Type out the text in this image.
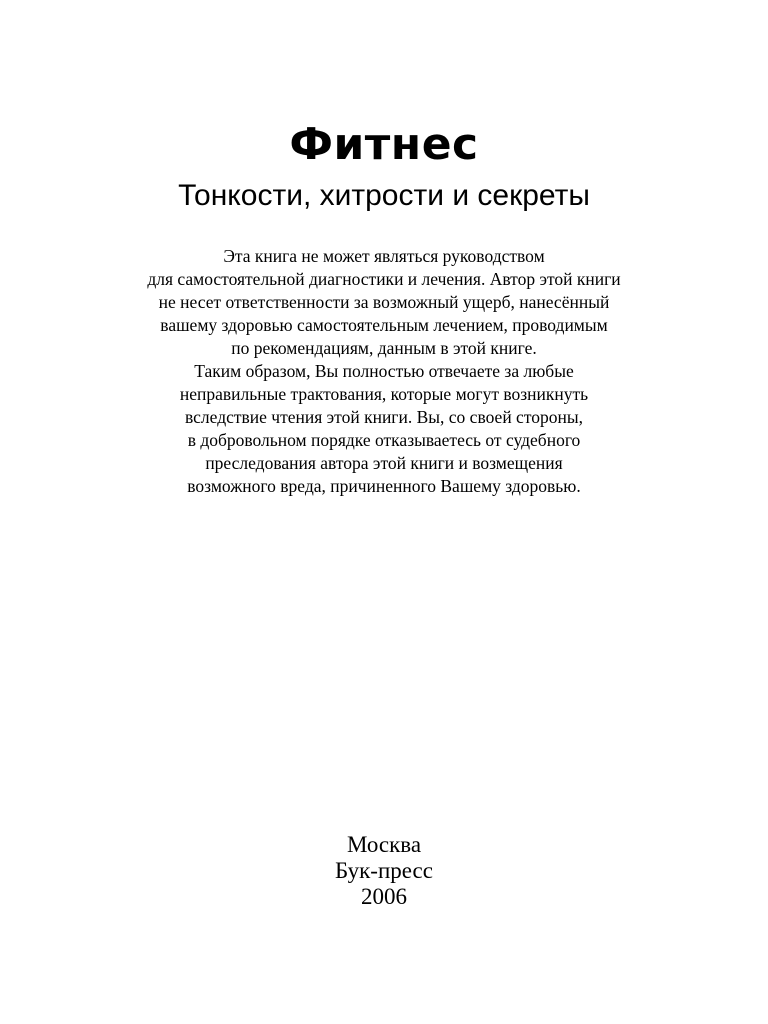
Фитнес
Тонкости, хитрости и секреты
Эта книга не может являться руководством
для самостоятельной диагностики и лечения. Автор этой книги
не несет ответственности за возможный ущерб, нанесённый
вашему здоровью самостоятельным лечением, проводимым
по рекомендациям, данным в этой книге.
Таким образом, Вы полностью отвечаете за любые
неправильные трактования, которые могут возникнуть
вследствие чтения этой книги. Вы, со своей стороны,
в добровольном порядке отказываетесь от судебного
преследования автора этой книги и возмещения
возможного вреда, причиненного Вашему здоровью.
Москва
Бук-пресс
2006
